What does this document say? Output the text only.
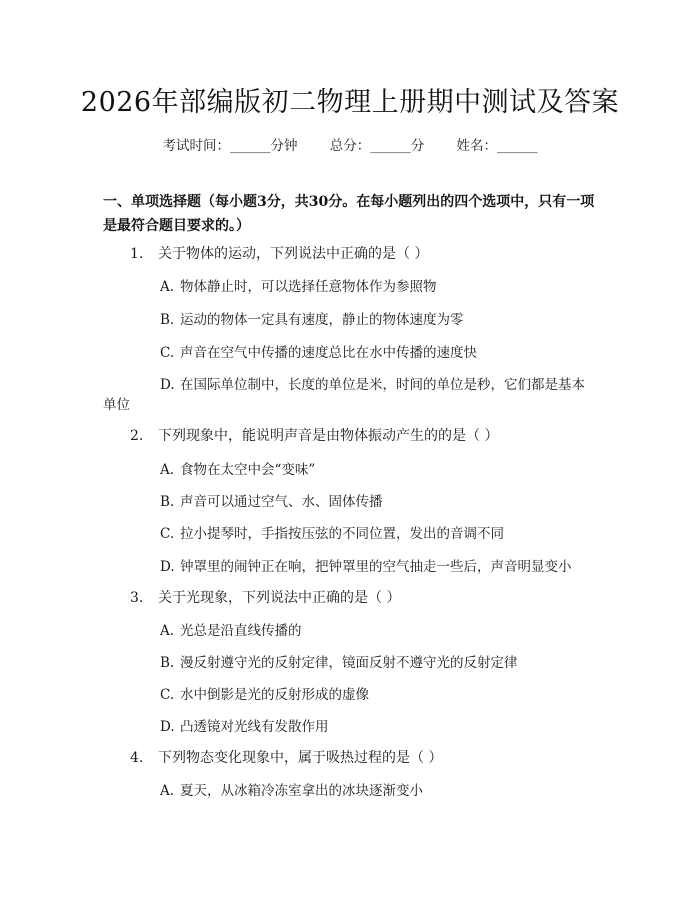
2026年部编版初二物理上册期中测试及答案
考试时间：______分钟 总分：______分 姓名：______
一、单项选择题（每小题3分，共30分。在每小题列出的四个选项中，只有一项是最符合题目要求的。）
1. 关于物体的运动，下列说法中正确的是（ ）
A. 物体静止时，可以选择任意物体作为参照物
B. 运动的物体一定具有速度，静止的物体速度为零
C. 声音在空气中传播的速度总比在水中传播的速度快
D. 在国际单位制中，长度的单位是米，时间的单位是秒，它们都是基本
单位
2. 下列现象中，能说明声音是由物体振动产生的的是（ ）
A. 食物在太空中会“变味”
B. 声音可以通过空气、水、固体传播
C. 拉小提琴时，手指按压弦的不同位置，发出的音调不同
D. 钟罩里的闹钟正在响，把钟罩里的空气抽走一些后，声音明显变小
3. 关于光现象，下列说法中正确的是（ ）
A. 光总是沿直线传播的
B. 漫反射遵守光的反射定律，镜面反射不遵守光的反射定律
C. 水中倒影是光的反射形成的虚像
D. 凸透镜对光线有发散作用
4. 下列物态变化现象中，属于吸热过程的是（ ）
A. 夏天，从冰箱冷冻室拿出的冰块逐渐变小
